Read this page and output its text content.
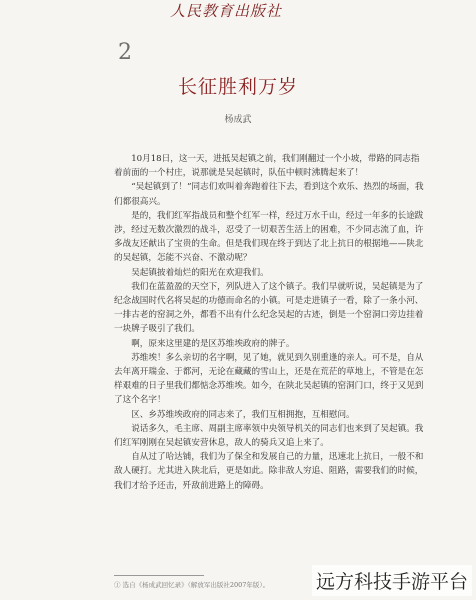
人民教育出版社
2
长征胜利万岁
杨成武

10月18日，这一天，进抵吴起镇之前，我们刚翻过一个小坡，带路的同志指着前面的一个村庄，说那就是吴起镇时，队伍中顿时沸腾起来了！

“吴起镇到了！”同志们欢叫着奔跑着往下去，看到这个欢乐、热烈的场面，我们都很高兴。

是的，我们红军指战员和整个红军一样，经过万水千山，经过一年多的长途跋涉，经过无数次激烈的战斗，忍受了一切艰苦生活上的困难，不少同志流了血，许多战友还献出了宝贵的生命。但是我们现在终于到达了北上抗日的根据地——陕北的吴起镇，怎能不兴奋、不激动呢？

吴起镇披着灿烂的阳光在欢迎我们。

我们在蓝盈盈的天空下，列队进入了这个镇子。我们早就听说，吴起镇是为了纪念战国时代名将吴起的功德而命名的小镇。可是走进镇子一看，除了一条小河、一排古老的窑洞之外，都看不出有什么纪念吴起的古迹，倒是一个窑洞口旁边挂着一块牌子吸引了我们。

啊，原来这里建的是区苏维埃政府的牌子。

苏维埃！多么亲切的名字啊，见了她，就见到久别重逢的亲人。可不是，自从去年离开瑞金、于都河，无论在藏藏的雪山上，还是在荒茫的草地上，不管是在怎样艰难的日子里我们都惦念苏维埃。如今，在陕北吴起镇的窑洞门口，终于又见到了这个名字！

区、乡苏维埃政府的同志来了，我们互相拥抱，互相慰问。

说话多久，毛主席、周副主席率领中央领导机关的同志们也来到了吴起镇。我们红军刚刚在吴起镇安营休息，敌人的骑兵又追上来了。

自从过了哈达铺，我们为了保全和发展自己的力量，迅速北上抗日，一般不和敌人硬打。尤其进入陕北后，更是如此。除非敌人穷追、阻路，需要我们的时候，我们才给予还击，歼敌前进路上的障碍。

① 选自《杨成武回忆录》（解放军出版社2007年版）。	远方科技手游平台
